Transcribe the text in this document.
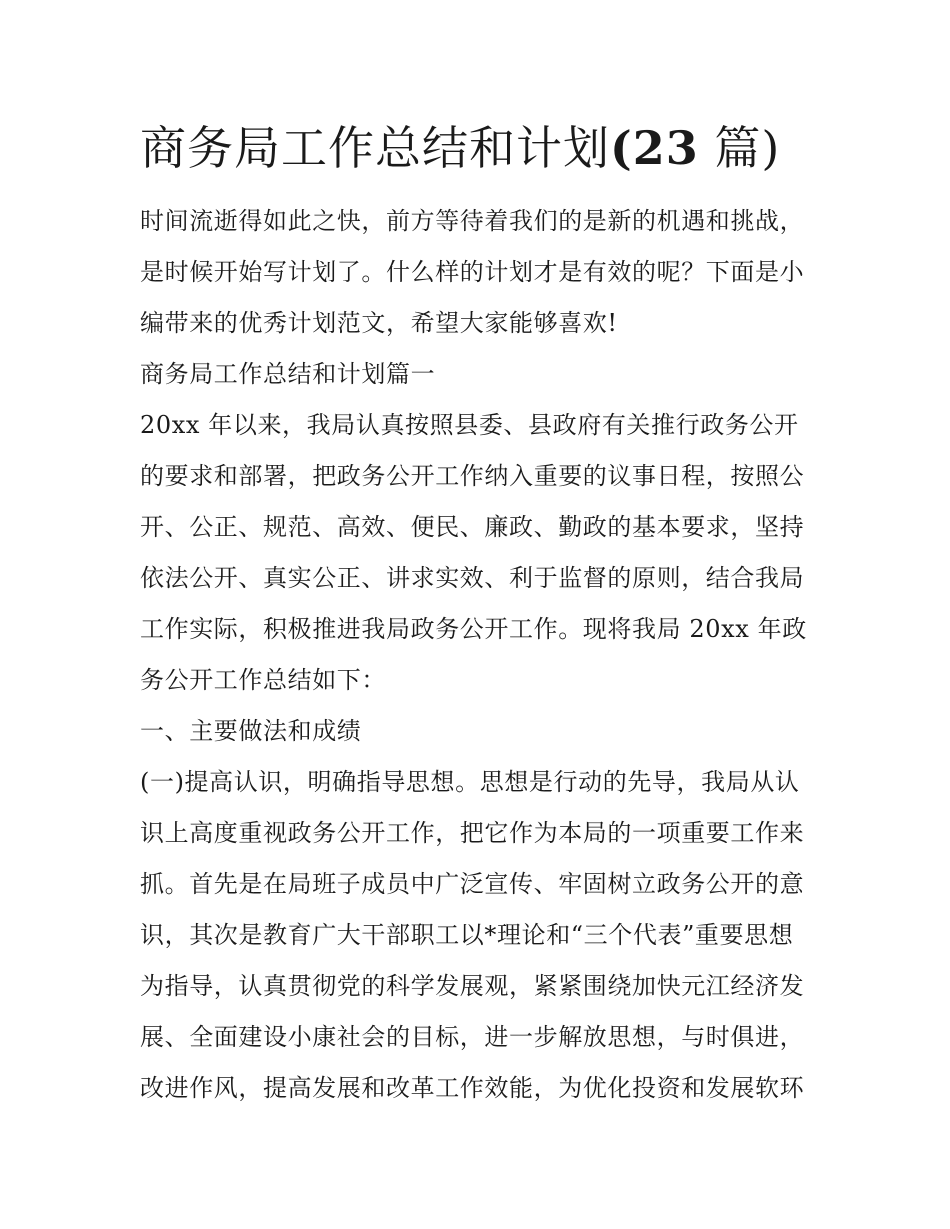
商务局工作总结和计划(23 篇)
时间流逝得如此之快，前方等待着我们的是新的机遇和挑战，
是时候开始写计划了。什么样的计划才是有效的呢？下面是小
编带来的优秀计划范文，希望大家能够喜欢!
商务局工作总结和计划篇一
20xx 年以来，我局认真按照县委、县政府有关推行政务公开
的要求和部署，把政务公开工作纳入重要的议事日程，按照公
开、公正、规范、高效、便民、廉政、勤政的基本要求，坚持
依法公开、真实公正、讲求实效、利于监督的原则，结合我局
工作实际，积极推进我局政务公开工作。现将我局 20xx 年政
务公开工作总结如下：
一、主要做法和成绩
(一)提高认识，明确指导思想。思想是行动的先导，我局从认
识上高度重视政务公开工作，把它作为本局的一项重要工作来
抓。首先是在局班子成员中广泛宣传、牢固树立政务公开的意
识，其次是教育广大干部职工以*理论和“三个代表”重要思想
为指导，认真贯彻党的科学发展观，紧紧围绕加快元江经济发
展、全面建设小康社会的目标，进一步解放思想，与时俱进，
改进作风，提高发展和改革工作效能，为优化投资和发展软环
